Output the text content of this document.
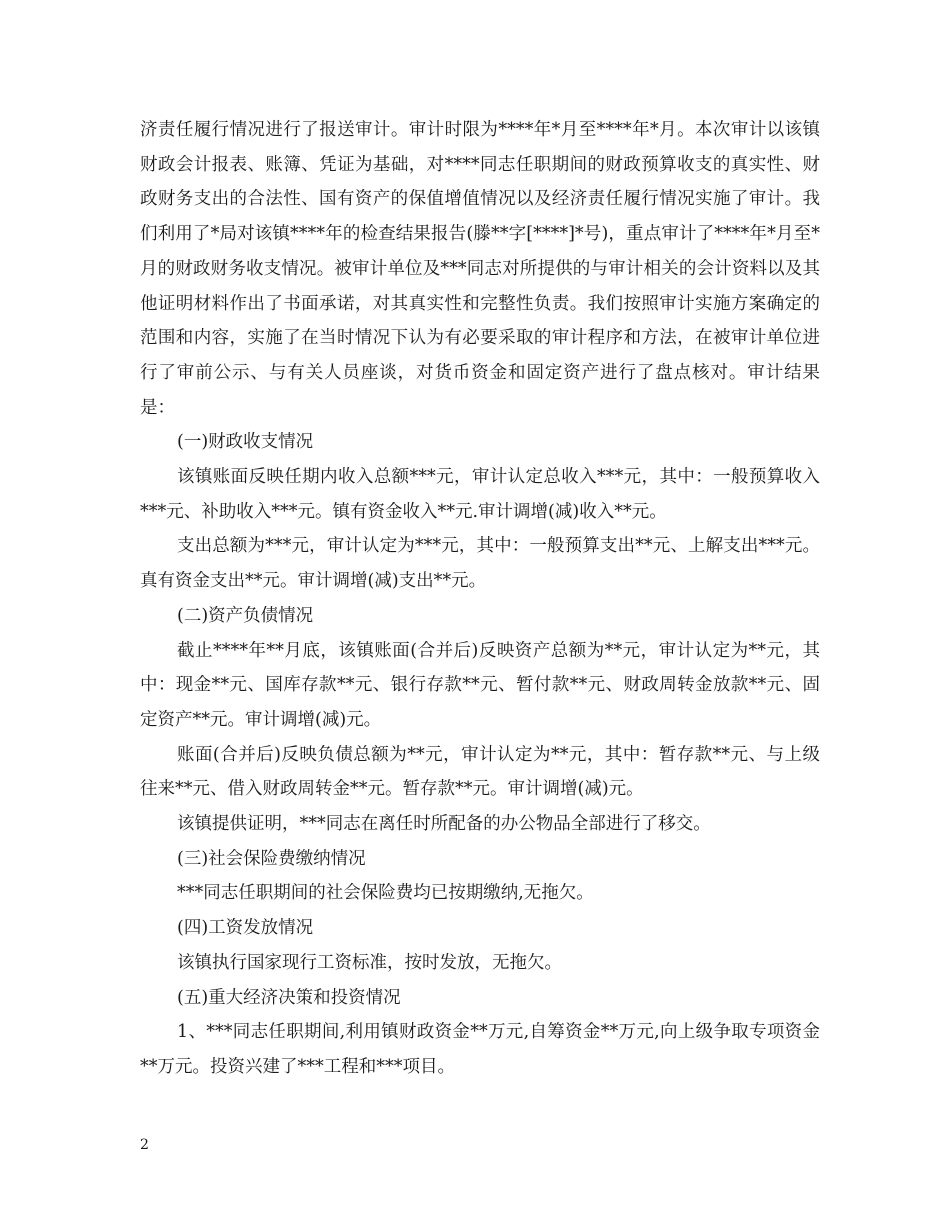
济责任履行情况进行了报送审计。审计时限为****年*月至****年*月。本次审计以该镇财政会计报表、账簿、凭证为基础，对****同志任职期间的财政预算收支的真实性、财政财务支出的合法性、国有资产的保值增值情况以及经济责任履行情况实施了审计。我们利用了*局对该镇****年的检查结果报告(滕**字[****]*号)，重点审计了****年*月至*月的财政财务收支情况。被审计单位及***同志对所提供的与审计相关的会计资料以及其他证明材料作出了书面承诺，对其真实性和完整性负责。我们按照审计实施方案确定的范围和内容，实施了在当时情况下认为有必要采取的审计程序和方法，在被审计单位进行了审前公示、与有关人员座谈，对货币资金和固定资产进行了盘点核对。审计结果是：

(一)财政收支情况

该镇账面反映任期内收入总额***元，审计认定总收入***元，其中：一般预算收入***元、补助收入***元。镇有资金收入**元.审计调增(减)收入**元。

支出总额为***元，审计认定为***元，其中：一般预算支出**元、上解支出***元。真有资金支出**元。审计调增(减)支出**元。

(二)资产负债情况

截止****年**月底，该镇账面(合并后)反映资产总额为**元，审计认定为**元，其中：现金**元、国库存款**元、银行存款**元、暂付款**元、财政周转金放款**元、固定资产**元。审计调增(减)元。

账面(合并后)反映负债总额为**元，审计认定为**元，其中：暂存款**元、与上级往来**元、借入财政周转金**元。暂存款**元。审计调增(减)元。

该镇提供证明，***同志在离任时所配备的办公物品全部进行了移交。

(三)社会保险费缴纳情况

***同志任职期间的社会保险费均已按期缴纳,无拖欠。

(四)工资发放情况

该镇执行国家现行工资标准，按时发放，无拖欠。

(五)重大经济决策和投资情况

1、***同志任职期间,利用镇财政资金**万元,自筹资金**万元,向上级争取专项资金**万元。投资兴建了***工程和***项目。

2
